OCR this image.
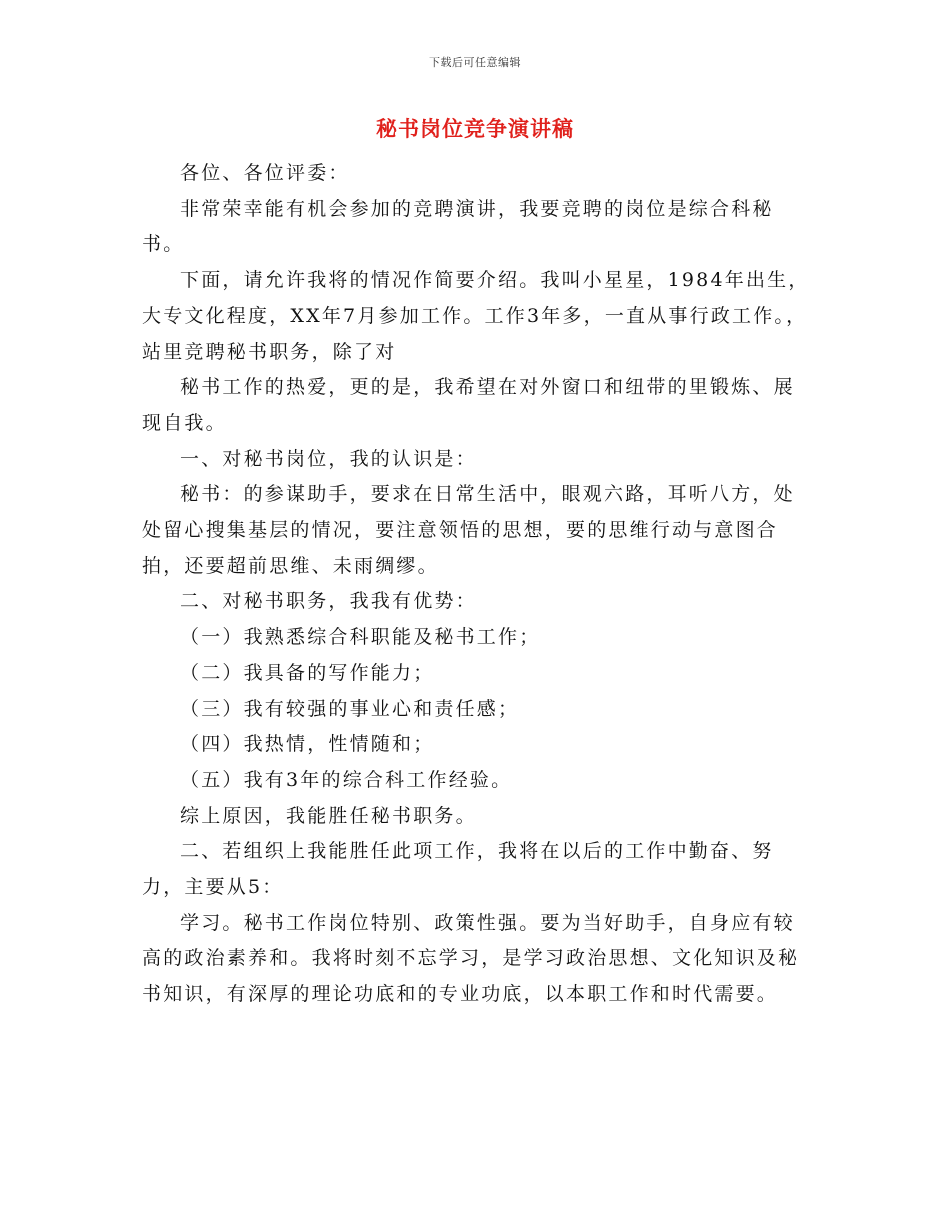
下载后可任意编辑
秘书岗位竞争演讲稿

各位、各位评委：

非常荣幸能有机会参加的竞聘演讲，我要竞聘的岗位是综合科秘书。

下面，请允许我将的情况作简要介绍。我叫小星星，1984年出生，大专文化程度，XX年7月参加工作。工作3年多，一直从事行政工作。，站里竞聘秘书职务，除了对

秘书工作的热爱，更的是，我希望在对外窗口和纽带的里锻炼、展现自我。

一、对秘书岗位，我的认识是：

秘书：的参谋助手，要求在日常生活中，眼观六路，耳听八方，处处留心搜集基层的情况，要注意领悟的思想，要的思维行动与意图合拍，还要超前思维、未雨绸缪。

二、对秘书职务，我我有优势：

（一）我熟悉综合科职能及秘书工作；

（二）我具备的写作能力；

（三）我有较强的事业心和责任感；

（四）我热情，性情随和；

（五）我有3年的综合科工作经验。

综上原因，我能胜任秘书职务。

二、若组织上我能胜任此项工作，我将在以后的工作中勤奋、努力，主要从5：

学习。秘书工作岗位特别、政策性强。要为当好助手，自身应有较高的政治素养和。我将时刻不忘学习，是学习政治思想、文化知识及秘书知识，有深厚的理论功底和的专业功底，以本职工作和时代需要。
